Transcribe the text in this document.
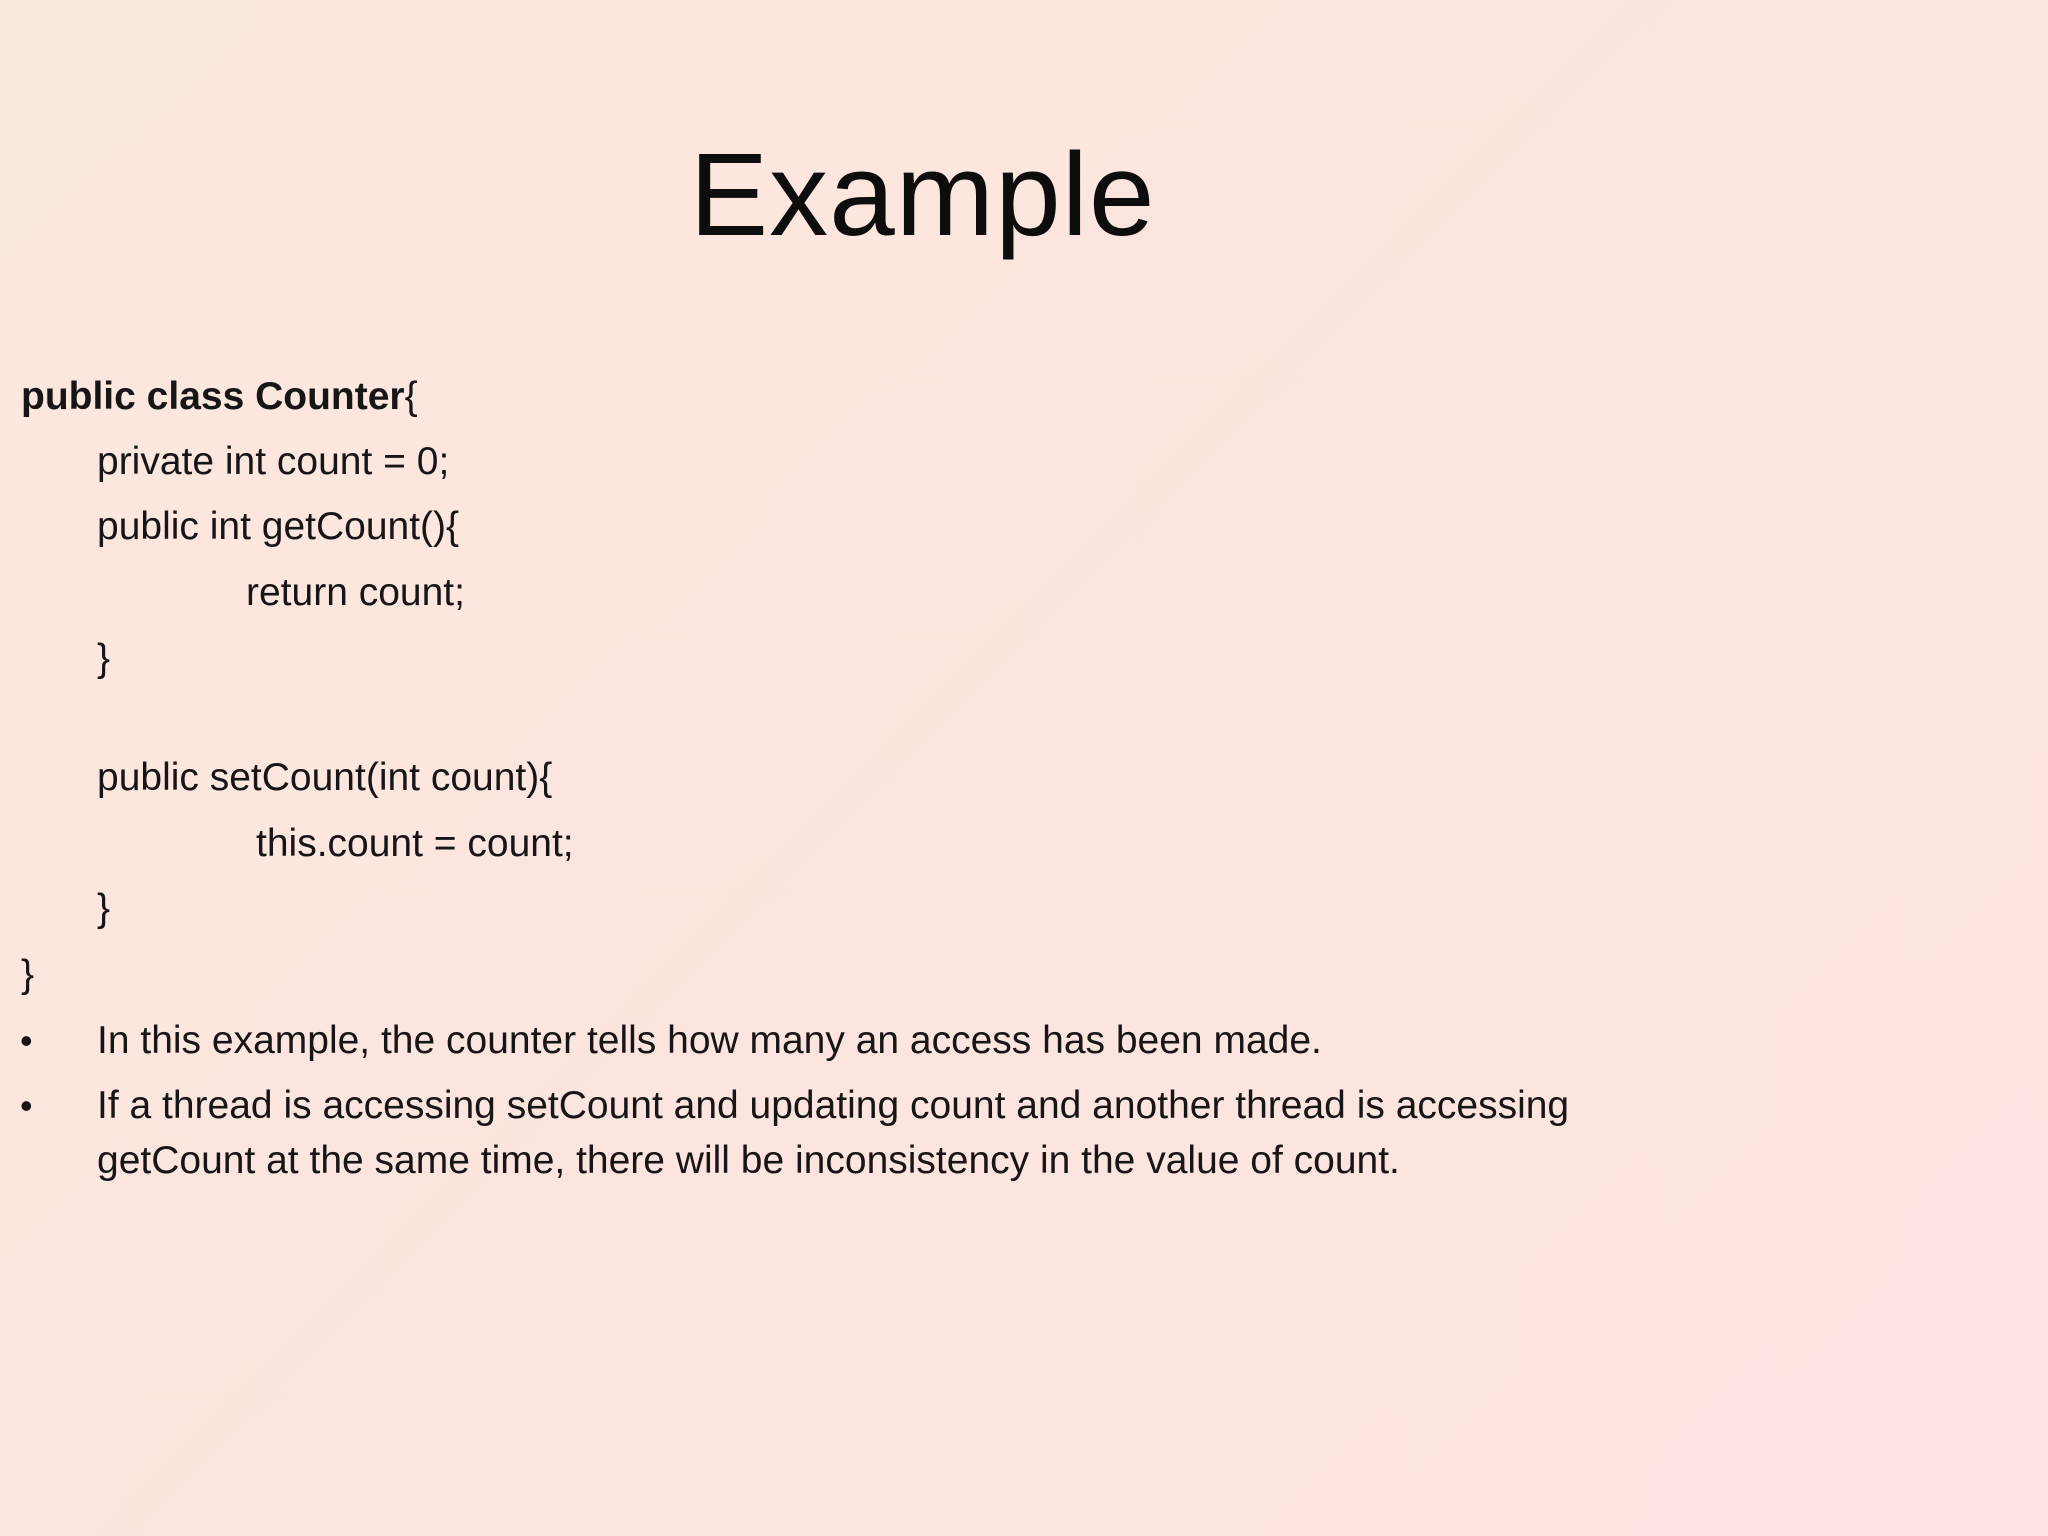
Example
public class Counter{
private int count = 0;
public int getCount(){
return count;
}
public setCount(int count){
this.count = count;
}
}
• In this example, the counter tells how many an access has been made.
• If a thread is accessing setCount and updating count and another thread is accessing
getCount at the same time, there will be inconsistency in the value of count.
